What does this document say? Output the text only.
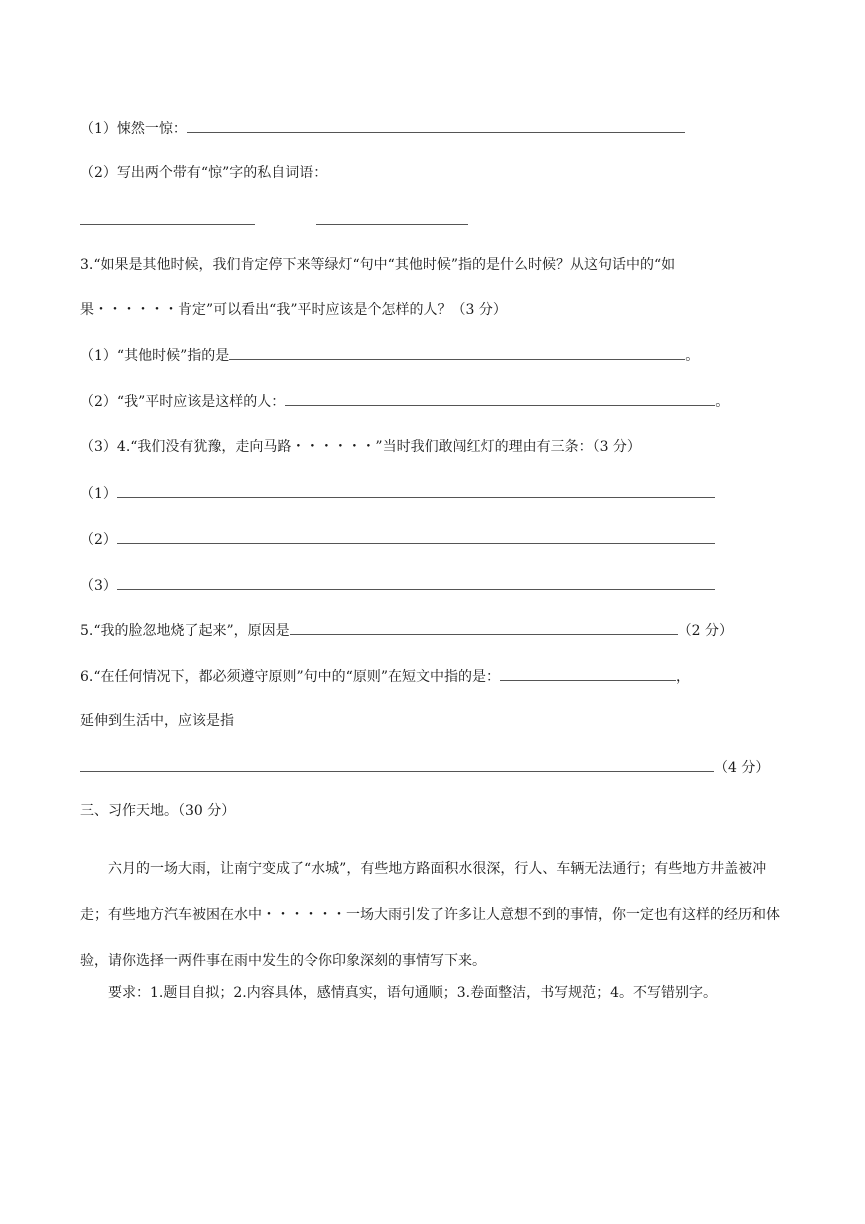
（1）悚然一惊：
（2）写出两个带有“惊”字的私自词语：
3.“如果是其他时候，我们肯定停下来等绿灯“句中“其他时候”指的是什么时候？从这句话中的“如
果・・・・・・肯定”可以看出“我”平时应该是个怎样的人？（3 分）
（1）“其他时候”指的是	。
（2）“我”平时应该是这样的人：	。
（3）4.“我们没有犹豫，走向马路・・・・・・”当时我们敢闯红灯的理由有三条：（3 分）
（1）
（2）
（3）
5.“我的脸忽地烧了起来”，原因是	（2 分）
6.“在任何情况下，都必须遵守原则”句中的“原则”在短文中指的是：	，
延伸到生活中，应该是指
（4 分）
三、习作天地。（30 分）
六月的一场大雨，让南宁变成了“水城”，有些地方路面积水很深，行人、车辆无法通行；有些地方井盖被冲走；有些地方汽车被困在水中・・・・・・一场大雨引发了许多让人意想不到的事情，你一定也有这样的经历和体验，请你选择一两件事在雨中发生的令你印象深刻的事情写下来。
要求：1.题目自拟；2.内容具体，感情真实，语句通顺；3.卷面整洁，书写规范；4。不写错别字。
